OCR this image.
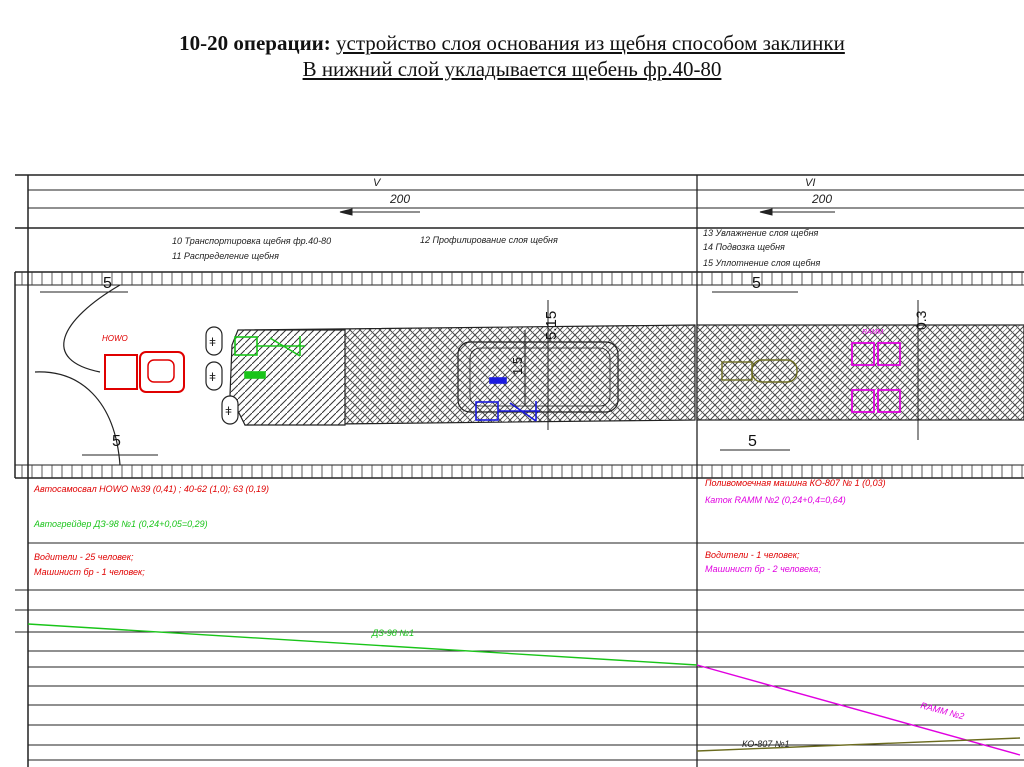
10-20 операции: устройство слоя основания из щебня способом заклинки
В нижний слой укладывается щебень фр.40-80
V	VI
200	200
10 Транспортировка щебня фр.40-80
11 Распределение щебня
12 Профилирование слоя щебня
13 Увлажнение слоя щебня
14 Подвозка щебня
15 Уплотнение слоя щебня
HOWO	ǂ
ǂ
ǂ
RAMM
5
5
5
5
1.5
5.15	0.3
Автосамосвал HOWO №39 (0,41) ; 40-62 (1,0); 63 (0,19)
Автогрейдер ДЗ-98 №1 (0,24+0,05=0,29)
Поливомоечная машина КО-807 № 1 (0,03)
Каток RAMM №2 (0,24+0,4=0,64)
Водители - 25 человек;
Машинист бр - 1 человек;
Водители - 1 человек;
Машинист бр - 2 человека;
ДЗ-98 №1
RAMM №2
КО-807 №1
